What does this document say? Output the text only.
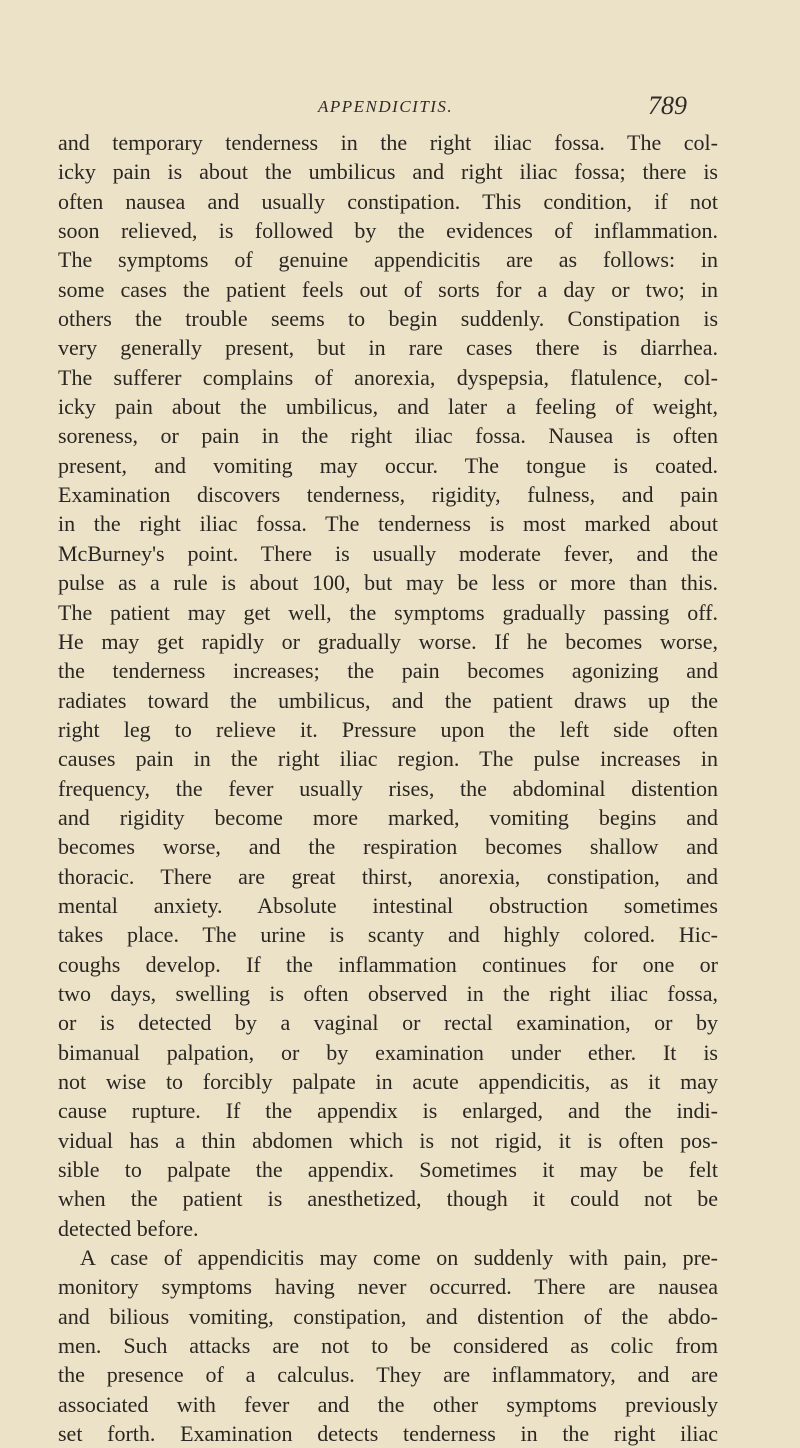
APPENDICITIS.	789
and temporary tenderness in the right iliac fossa. The col-
icky pain is about the umbilicus and right iliac fossa; there is
often nausea and usually constipation. This condition, if not
soon relieved, is followed by the evidences of inflammation.
The symptoms of genuine appendicitis are as follows: in
some cases the patient feels out of sorts for a day or two; in
others the trouble seems to begin suddenly. Constipation is
very generally present, but in rare cases there is diarrhea.
The sufferer complains of anorexia, dyspepsia, flatulence, col-
icky pain about the umbilicus, and later a feeling of weight,
soreness, or pain in the right iliac fossa. Nausea is often
present, and vomiting may occur. The tongue is coated.
Examination discovers tenderness, rigidity, fulness, and pain
in the right iliac fossa. The tenderness is most marked about
McBurney's point. There is usually moderate fever, and the
pulse as a rule is about 100, but may be less or more than this.
The patient may get well, the symptoms gradually passing off.
He may get rapidly or gradually worse. If he becomes worse,
the tenderness increases; the pain becomes agonizing and
radiates toward the umbilicus, and the patient draws up the
right leg to relieve it. Pressure upon the left side often
causes pain in the right iliac region. The pulse increases in
frequency, the fever usually rises, the abdominal distention
and rigidity become more marked, vomiting begins and
becomes worse, and the respiration becomes shallow and
thoracic. There are great thirst, anorexia, constipation, and
mental anxiety. Absolute intestinal obstruction sometimes
takes place. The urine is scanty and highly colored. Hic-
coughs develop. If the inflammation continues for one or
two days, swelling is often observed in the right iliac fossa,
or is detected by a vaginal or rectal examination, or by
bimanual palpation, or by examination under ether. It is
not wise to forcibly palpate in acute appendicitis, as it may
cause rupture. If the appendix is enlarged, and the indi-
vidual has a thin abdomen which is not rigid, it is often pos-
sible to palpate the appendix. Sometimes it may be felt
when the patient is anesthetized, though it could not be
detected before.
A case of appendicitis may come on suddenly with pain, pre-
monitory symptoms having never occurred. There are nausea
and bilious vomiting, constipation, and distention of the abdo-
men. Such attacks are not to be considered as colic from
the presence of a calculus. They are inflammatory, and are
associated with fever and the other symptoms previously
set forth. Examination detects tenderness in the right iliac
